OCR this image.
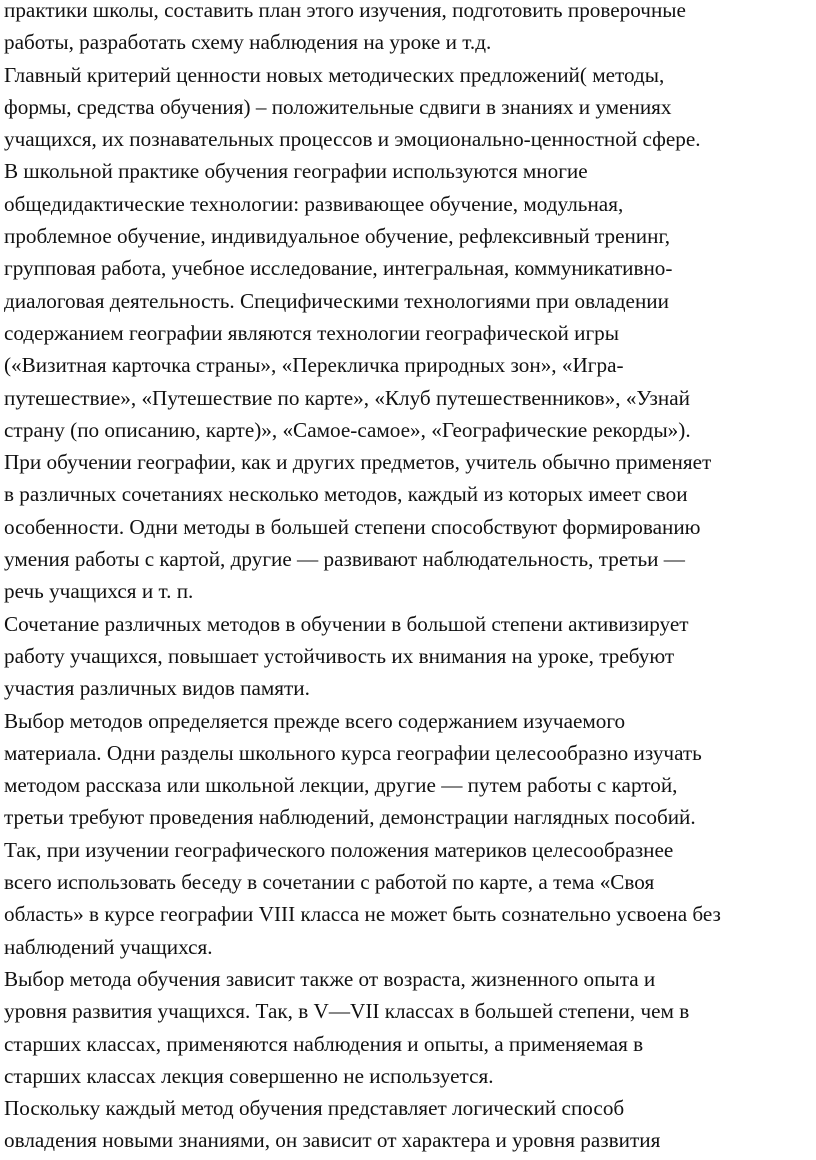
практики школы, составить план этого изучения, подготовить проверочные
работы, разработать схему наблюдения на уроке и т.д.
Главный критерий ценности новых методических предложений( методы,
формы, средства обучения) – положительные сдвиги в знаниях и умениях
учащихся, их познавательных процессов и эмоционально-ценностной сфере.
В школьной практике обучения географии используются многие
общедидактические технологии: развивающее обучение, модульная,
проблемное обучение, индивидуальное обучение, рефлексивный тренинг,
групповая работа, учебное исследование, интегральная, коммуникативно-
диалоговая деятельность. Специфическими технологиями при овладении
содержанием географии являются технологии географической игры
(«Визитная карточка страны», «Перекличка природных зон», «Игра-
путешествие», «Путешествие по карте», «Клуб путешественников», «Узнай
страну (по описанию, карте)», «Самое-самое», «Географические рекорды»).
При обучении географии, как и других предметов, учитель обычно применяет
в различных сочетаниях несколько методов, каждый из которых имеет свои
особенности. Одни методы в большей степени способствуют формированию
умения работы с картой, другие — развивают наблюдательность, третьи —
речь учащихся и т. п.
Сочетание различных методов в обучении в большой степени активизирует
работу учащихся, повышает устойчивость их внимания на уроке, требуют
участия различных видов памяти.
Выбор методов определяется прежде всего содержанием изучаемого
материала. Одни разделы школьного курса географии целесообразно изучать
методом рассказа или школьной лекции, другие — путем работы с картой,
третьи требуют проведения наблюдений, демонстрации наглядных пособий.
Так, при изучении географического положения материков целесообразнее
всего использовать беседу в сочетании с работой по карте, а тема «Своя
область» в курсе географии VIII класса не может быть сознательно усвоена без
наблюдений учащихся.
Выбор метода обучения зависит также от возраста, жизненного опыта и
уровня развития учащихся. Так, в V—VII классах в большей степени, чем в
старших классах, применяются наблюдения и опыты, а применяемая в
старших классах лекция совершенно не используется.
Поскольку каждый метод обучения представляет логический способ
овладения новыми знаниями, он зависит от характера и уровня развития
